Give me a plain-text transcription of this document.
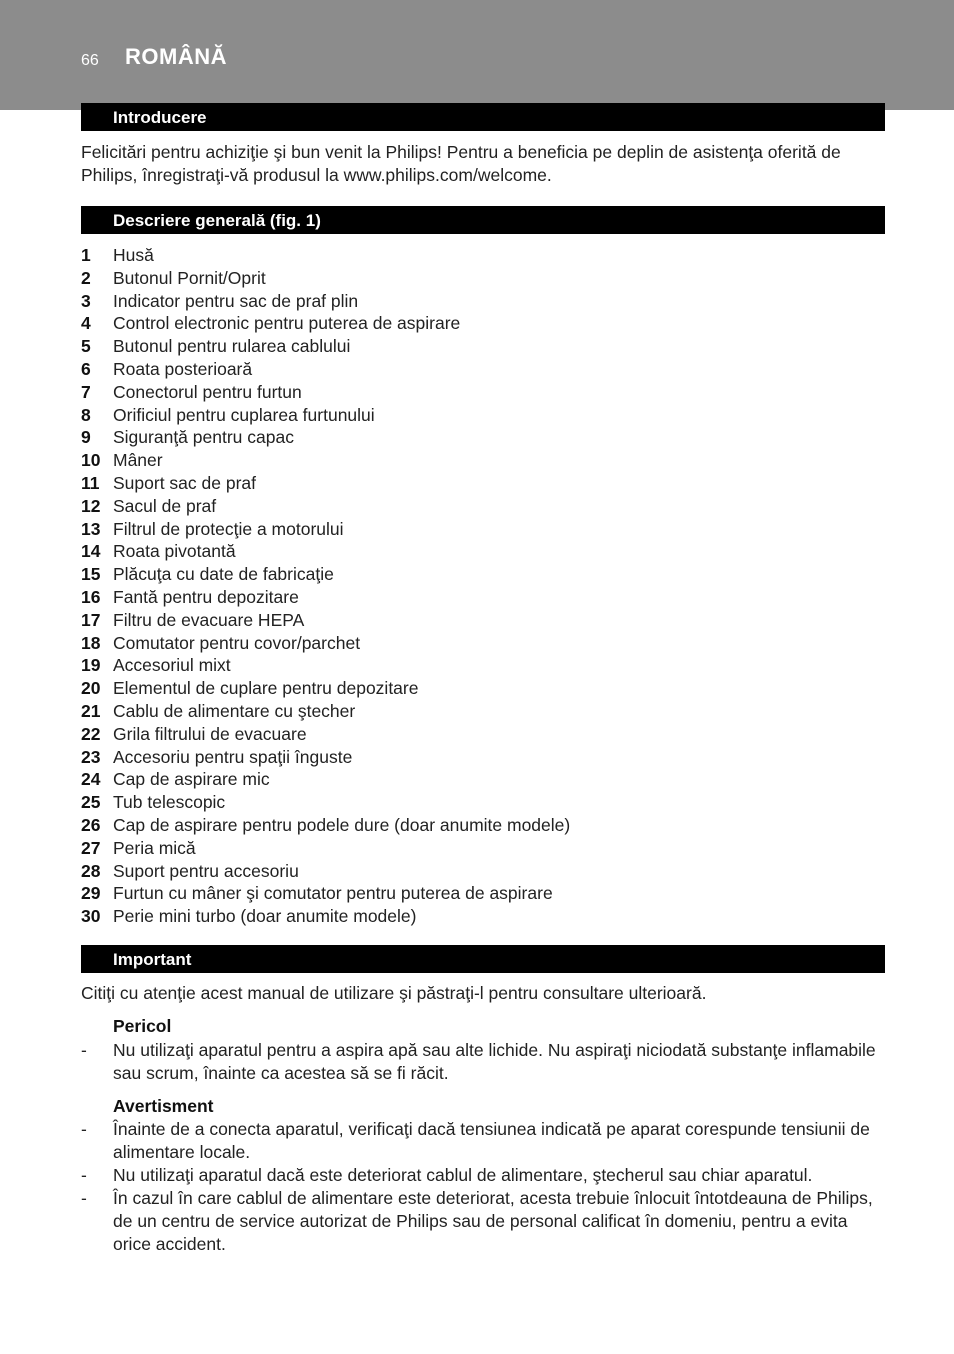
66 ROMÂNĂ
Introducere

Felicitări pentru achiziţie şi bun venit la Philips! Pentru a beneficia pe deplin de asistenţa oferită de Philips, înregistraţi-vă produsul la www.philips.com/welcome.

Descriere generală (fig. 1)
1 Husă
2 Butonul Pornit/Oprit
3 Indicator pentru sac de praf plin
4 Control electronic pentru puterea de aspirare
5 Butonul pentru rularea cablului
6 Roata posterioară
7 Conectorul pentru furtun
8 Orificiul pentru cuplarea furtunului
9 Siguranţă pentru capac
10 Mâner
11 Suport sac de praf
12 Sacul de praf
13 Filtrul de protecţie a motorului
14 Roata pivotantă
15 Plăcuţa cu date de fabricaţie
16 Fantă pentru depozitare
17 Filtru de evacuare HEPA
18 Comutator pentru covor/parchet
19 Accesoriul mixt
20 Elementul de cuplare pentru depozitare
21 Cablu de alimentare cu ştecher
22 Grila filtrului de evacuare
23 Accesoriu pentru spaţii înguste
24 Cap de aspirare mic
25 Tub telescopic
26 Cap de aspirare pentru podele dure (doar anumite modele)
27 Peria mică
28 Suport pentru accesoriu
29 Furtun cu mâner şi comutator pentru puterea de aspirare
30 Perie mini turbo (doar anumite modele)
Important

Citiţi cu atenţie acest manual de utilizare şi păstraţi-l pentru consultare ulterioară.

Pericol
-	Nu utilizaţi aparatul pentru a aspira apă sau alte lichide. Nu aspiraţi niciodată substanţe inflamabile sau scrum, înainte ca acestea să se fi răcit.
Avertisment
-	Înainte de a conecta aparatul, verificaţi dacă tensiunea indicată pe aparat corespunde tensiunii de alimentare locale.
-	Nu utilizaţi aparatul dacă este deteriorat cablul de alimentare, ştecherul sau chiar aparatul.
-	În cazul în care cablul de alimentare este deteriorat, acesta trebuie înlocuit întotdeauna de Philips, de un centru de service autorizat de Philips sau de personal calificat în domeniu, pentru a evita orice accident.
